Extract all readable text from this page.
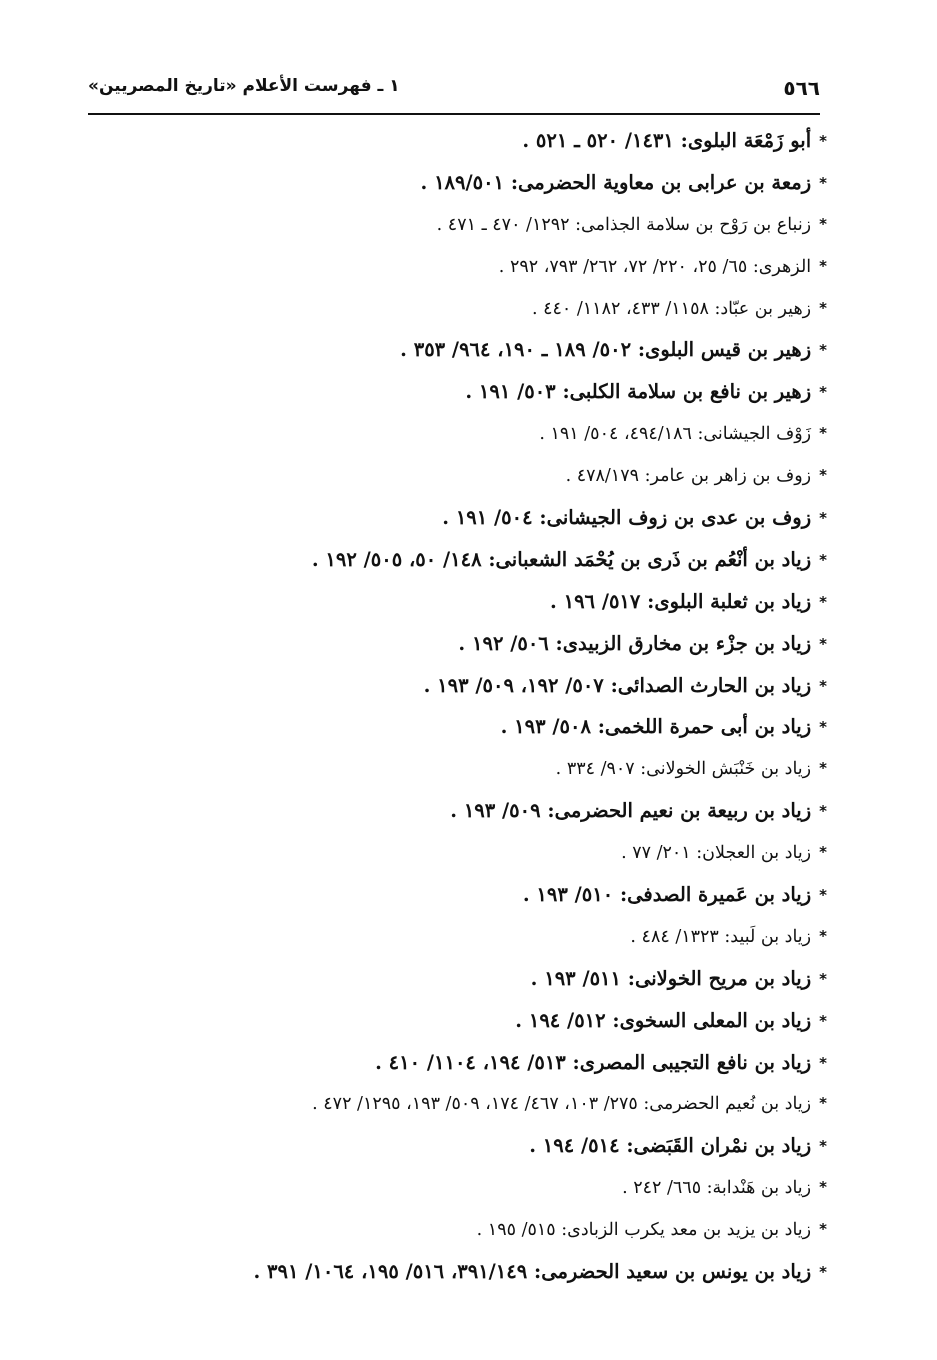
٥٦٦
١ ـ فهرست الأعلام «تاريخ المصريين»
*أبو زَمْعَة البلوى: ١٤٣١/ ٥٢٠ ـ ٥٢١ .
*زمعة بن عرابى بن معاوية الحضرمى: ١٨٩/٥٠١ .
*زنباع بن رَوْح بن سلامة الجذامى: ١٢٩٢/ ٤٧٠ ـ ٤٧١ .
*الزهرى: ٦٥/ ٢٥، ٢٢٠/ ٧٢، ٢٦٢/ ٧٩٣، ٢٩٢ .
*زهير بن عبّاد: ١١٥٨/ ٤٣٣، ١١٨٢/ ٤٤٠ .
*زهير بن قيس البلوى: ٥٠٢/ ١٨٩ ـ ١٩٠، ٩٦٤/ ٣٥٣ .
*زهير بن نافع بن سلامة الكلبى: ٥٠٣/ ١٩١ .
*زَوْف الجيشانى: ٤٩٤/١٨٦، ٥٠٤/ ١٩١ .
*زوف بن زاهر بن عامر: ٤٧٨/١٧٩ .
*زوف بن عدى بن زوف الجيشانى: ٥٠٤/ ١٩١ .
*زياد بن أنْعُم بن ذَرى بن يُحْمَد الشعبانى: ١٤٨/ ٥٠، ٥٠٥/ ١٩٢ .
*زياد بن ثعلبة البلوى: ٥١٧/ ١٩٦ .
*زياد بن جزْء بن مخارق الزبيدى: ٥٠٦/ ١٩٢ .
*زياد بن الحارث الصدائى: ٥٠٧/ ١٩٢، ٥٠٩/ ١٩٣ .
*زياد بن أبى حمرة اللخمى: ٥٠٨/ ١٩٣ .
*زياد بن خَنْبَش الخولانى: ٩٠٧/ ٣٣٤ .
*زياد بن ربيعة بن نعيم الحضرمى: ٥٠٩/ ١٩٣ .
*زياد بن العجلان: ٢٠١/ ٧٧ .
*زياد بن عَميرة الصدفى: ٥١٠/ ١٩٣ .
*زياد بن لَبيد: ١٣٢٣/ ٤٨٤ .
*زياد بن مريح الخولانى: ٥١١/ ١٩٣ .
*زياد بن المعلى السخوى: ٥١٢/ ١٩٤ .
*زياد بن نافع التجيبى المصرى: ٥١٣/ ١٩٤، ١١٠٤/ ٤١٠ .
*زياد بن نُعيم الحضرمى: ٢٧٥/ ١٠٣، ٤٦٧/ ١٧٤، ٥٠٩/ ١٩٣، ١٢٩٥/ ٤٧٢ .
*زياد بن نمْران القَبَضى: ٥١٤/ ١٩٤ .
*زياد بن هَنْدابة: ٦٦٥/ ٢٤٢ .
*زياد بن يزيد بن معد يكرب الزبادى: ٥١٥/ ١٩٥ .
*زياد بن يونس بن سعيد الحضرمى: ٣٩١/١٤٩، ٥١٦/ ١٩٥، ١٠٦٤/ ٣٩١ .
